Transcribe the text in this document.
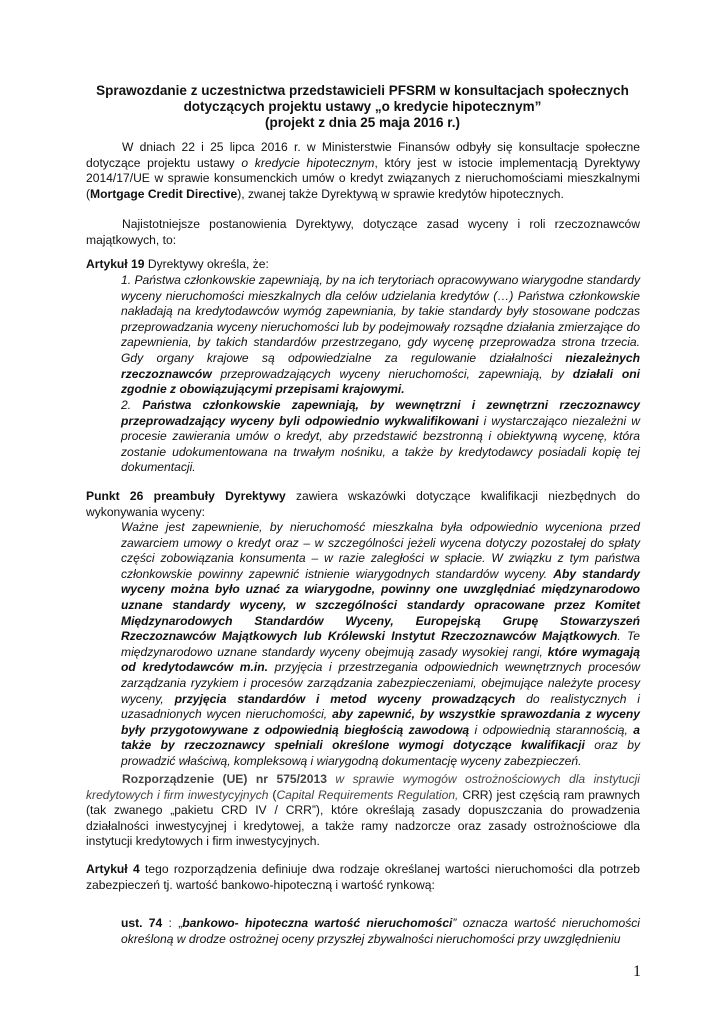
Sprawozdanie z uczestnictwa przedstawicieli PFSRM w konsultacjach społecznych
dotyczących projektu ustawy „o kredycie hipotecznym”
(projekt z dnia 25 maja 2016 r.)

W dniach 22 i 25 lipca 2016 r. w Ministerstwie Finansów odbyły się konsultacje społeczne dotyczące projektu ustawy o kredycie hipotecznym, który jest w istocie implementacją Dyrektywy 2014/17/UE w sprawie konsumenckich umów o kredyt związanych z nieruchomościami mieszkalnymi (Mortgage Credit Directive), zwanej także Dyrektywą w sprawie kredytów hipotecznych.

Najistotniejsze postanowienia Dyrektywy, dotyczące zasad wyceny i roli rzeczoznawców majątkowych, to:

Artykuł 19 Dyrektywy określa, że:

1. Państwa członkowskie zapewniają, by na ich terytoriach opracowywano wiarygodne standardy wyceny nieruchomości mieszkalnych dla celów udzielania kredytów (…) Państwa członkowskie nakładają na kredytodawców wymóg zapewniania, by takie standardy były stosowane podczas przeprowadzania wyceny nieruchomości lub by podejmowały rozsądne działania zmierzające do zapewnienia, by takich standardów przestrzegano, gdy wycenę przeprowadza strona trzecia. Gdy organy krajowe są odpowiedzialne za regulowanie działalności niezależnych rzeczoznawców przeprowadzających wyceny nieruchomości, zapewniają, by działali oni zgodnie z obowiązującymi przepisami krajowymi.

2. Państwa członkowskie zapewniają, by wewnętrzni i zewnętrzni rzeczoznawcy przeprowadzający wyceny byli odpowiednio wykwalifikowani i wystarczająco niezależni w procesie zawierania umów o kredyt, aby przedstawić bezstronną i obiektywną wycenę, która zostanie udokumentowana na trwałym nośniku, a także by kredytodawcy posiadali kopię tej dokumentacji.

Punkt 26 preambuły Dyrektywy zawiera wskazówki dotyczące kwalifikacji niezbędnych do wykonywania wyceny:

Ważne jest zapewnienie, by nieruchomość mieszkalna była odpowiednio wyceniona przed zawarciem umowy o kredyt oraz – w szczególności jeżeli wycena dotyczy pozostałej do spłaty części zobowiązania konsumenta – w razie zaległości w spłacie. W związku z tym państwa członkowskie powinny zapewnić istnienie wiarygodnych standardów wyceny. Aby standardy wyceny można było uznać za wiarygodne, powinny one uwzględniać międzynarodowo uznane standardy wyceny, w szczególności standardy opracowane przez Komitet Międzynarodowych Standardów Wyceny, Europejską Grupę Stowarzyszeń Rzeczoznawców Majątkowych lub Królewski Instytut Rzeczoznawców Majątkowych. Te międzynarodowo uznane standardy wyceny obejmują zasady wysokiej rangi, które wymagają od kredytodawców m.in. przyjęcia i przestrzegania odpowiednich wewnętrznych procesów zarządzania ryzykiem i procesów zarządzania zabezpieczeniami, obejmujące należyte procesy wyceny, przyjęcia standardów i metod wyceny prowadzących do realistycznych i uzasadnionych wycen nieruchomości, aby zapewnić, by wszystkie sprawozdania z wyceny były przygotowywane z odpowiednią biegłością zawodową i odpowiednią starannością, a także by rzeczoznawcy spełniali określone wymogi dotyczące kwalifikacji oraz by prowadzić właściwą, kompleksową i wiarygodną dokumentację wyceny zabezpieczeń.

Rozporządzenie (UE) nr 575/2013 w sprawie wymogów ostrożnościowych dla instytucji kredytowych i firm inwestycyjnych (Capital Requirements Regulation, CRR) jest częścią ram prawnych (tak zwanego „pakietu CRD IV / CRR”), które określają zasady dopuszczania do prowadzenia działalności inwestycyjnej i kredytowej, a także ramy nadzorcze oraz zasady ostrożnościowe dla instytucji kredytowych i firm inwestycyjnych.

Artykuł 4 tego rozporządzenia definiuje dwa rodzaje określanej wartości nieruchomości dla potrzeb zabezpieczeń tj. wartość bankowo-hipoteczną i wartość rynkową:

ust. 74 : „bankowo- hipoteczna wartość nieruchomości” oznacza wartość nieruchomości określoną w drodze ostrożnej oceny przyszłej zbywalności nieruchomości przy uwzględnieniu

1
